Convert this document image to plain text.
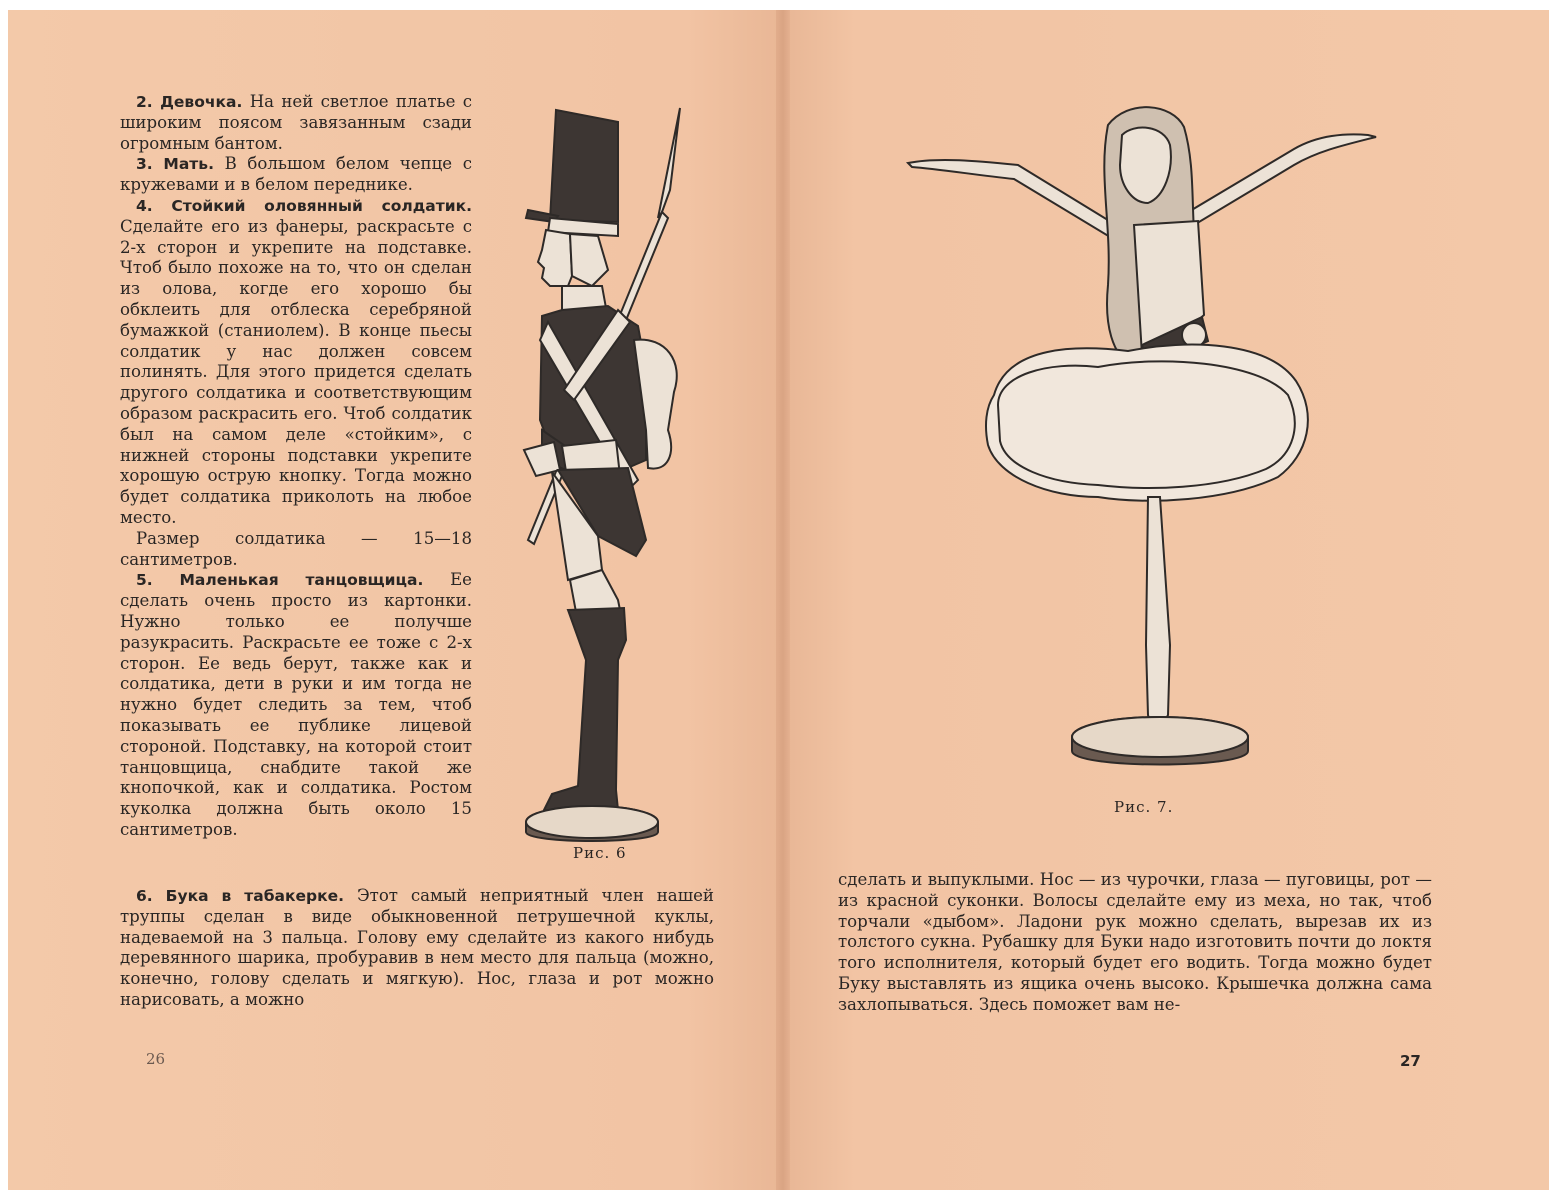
2. Девочка. На ней светлое платье с широким поясом завязанным сзади огромным бантом.

3. Мать. В большом белом чепце с кружевами и в белом переднике.

4. Стойкий оловянный солдатик. Сделайте его из фанеры, раскрасьте с 2-х сторон и укрепите на подставке. Чтоб было похоже на то, что он сделан из олова, когде его хорошо бы обклеить для отблеска серебряной бумажкой (станиолем). В конце пьесы солдатик у нас должен совсем полинять. Для этого придется сделать другого солдатика и соответствующим образом раскрасить его. Чтоб солдатик был на самом деле «стойким», с нижней стороны подставки укрепите хорошую острую кнопку. Тогда можно будет солдатика приколоть на любое место.

Размер солдатика — 15—18 сантиметров.

5. Маленькая танцовщица. Ее сделать очень просто из картонки. Нужно только ее получше разукрасить. Раскрасьте ее тоже с 2-х сторон. Ее ведь берут, также как и солдатика, дети в руки и им тогда не нужно будет следить за тем, чтоб показывать ее публике лицевой стороной. Подставку, на которой стоит танцовщица, снабдите такой же кнопочкой, как и солдатика. Ростом куколка должна быть около 15 сантиметров.

Рис. 6

6. Бука в табакерке. Этот самый неприятный член нашей труппы сделан в виде обыкновенной петрушечной куклы, надеваемой на 3 пальца. Голову ему сделайте из какого нибудь деревянного шарика, пробуравив в нем место для пальца (можно, конечно, голову сделать и мягкую). Нос, глаза и рот можно нарисовать, а можно

26
Рис. 7.

сделать и выпуклыми. Нос — из чурочки, глаза — пуговицы, рот — из красной суконки. Волосы сделайте ему из меха, но так, чтоб торчали «дыбом». Ладони рук можно сделать, вырезав их из толстого сукна. Рубашку для Буки надо изготовить почти до локтя того исполнителя, который будет его водить. Тогда можно будет Буку выставлять из ящика очень высоко. Крышечка должна сама захлопываться. Здесь поможет вам не-

27
